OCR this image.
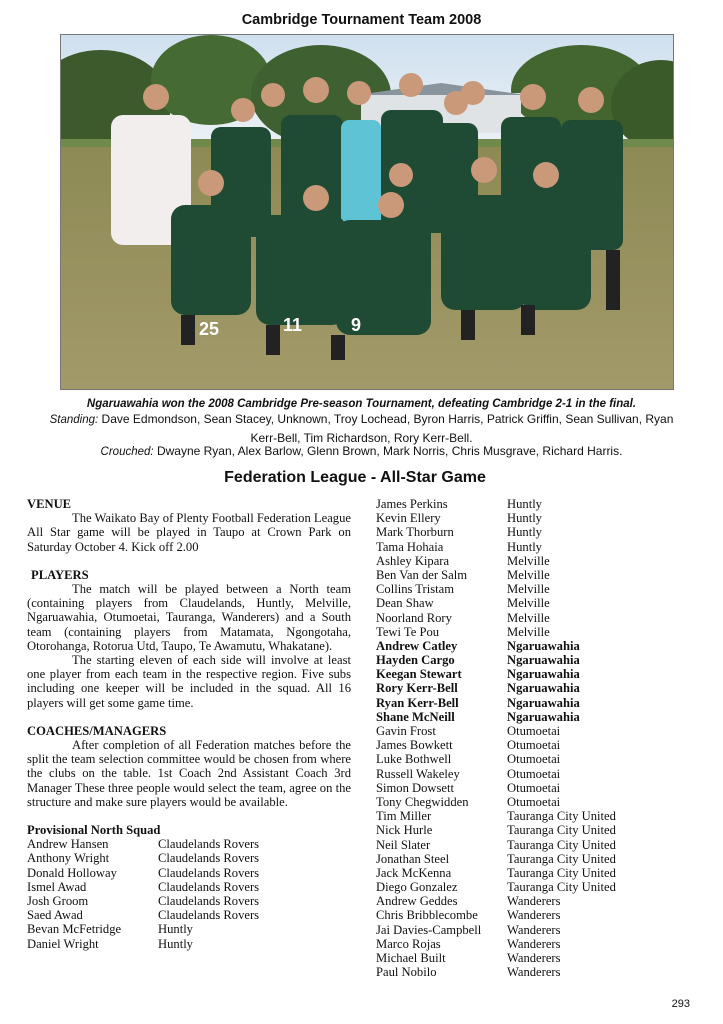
Cambridge Tournament Team 2008
25	11	9
Ngaruawahia won the 2008 Cambridge Pre-season Tournament, defeating Cambridge 2-1 in the final.
Standing: Dave Edmondson, Sean Stacey, Unknown, Troy Lochead, Byron Harris, Patrick Griffin, Sean Sullivan, Ryan Kerr-Bell, Tim Richardson, Rory Kerr-Bell.
Crouched: Dwayne Ryan, Alex Barlow, Glenn Brown, Mark Norris, Chris Musgrave, Richard Harris.
Federation League - All-Star Game
VENUE

The Waikato Bay of Plenty Football Federation League All Star game will be played in Taupo at Crown Park on Saturday October 4. Kick off 2.00

PLAYERS

The match will be played between a North team (containing players from Claudelands, Huntly, Melville, Ngaruawahia, Otumoetai, Tauranga, Wanderers) and a South team (containing players from Matamata, Ngongotaha, Otorohanga, Rotorua Utd, Taupo, Te Awamutu, Whakatane).

The starting eleven of each side will involve at least one player from each team in the respective region. Five subs including one keeper will be included in the squad. All 16 players will get some game time.

COACHES/MANAGERS

After completion of all Federation matches before the split the team selection committee would be chosen from where the clubs on the table. 1st Coach 2nd Assistant Coach 3rd Manager These three people would select the team, agree on the structure and make sure players would be available.

Provisional North Squad
Andrew Hansen	Claudelands Rovers
Anthony Wright	Claudelands Rovers
Donald Holloway	Claudelands Rovers
Ismel Awad	Claudelands Rovers
Josh Groom	Claudelands Rovers
Saed Awad	Claudelands Rovers
Bevan McFetridge	Huntly
Daniel Wright	Huntly
James Perkins	Huntly
Kevin Ellery	Huntly
Mark Thorburn	Huntly
Tama Hohaia	Huntly
Ashley Kipara	Melville
Ben Van der Salm	Melville
Collins Tristam	Melville
Dean Shaw	Melville
Noorland Rory	Melville
Tewi Te Pou	Melville
Andrew Catley	Ngaruawahia
Hayden Cargo	Ngaruawahia
Keegan Stewart	Ngaruawahia
Rory Kerr-Bell	Ngaruawahia
Ryan Kerr-Bell	Ngaruawahia
Shane McNeill	Ngaruawahia
Gavin Frost	Otumoetai
James Bowkett	Otumoetai
Luke Bothwell	Otumoetai
Russell Wakeley	Otumoetai
Simon Dowsett	Otumoetai
Tony Chegwidden	Otumoetai
Tim Miller	Tauranga City United
Nick Hurle	Tauranga City United
Neil Slater	Tauranga City United
Jonathan Steel	Tauranga City United
Jack McKenna	Tauranga City United
Diego Gonzalez	Tauranga City United
Andrew Geddes	Wanderers
Chris Bribblecombe	Wanderers
Jai Davies-Campbell	Wanderers
Marco Rojas	Wanderers
Michael Built	Wanderers
Paul Nobilo	Wanderers
293
